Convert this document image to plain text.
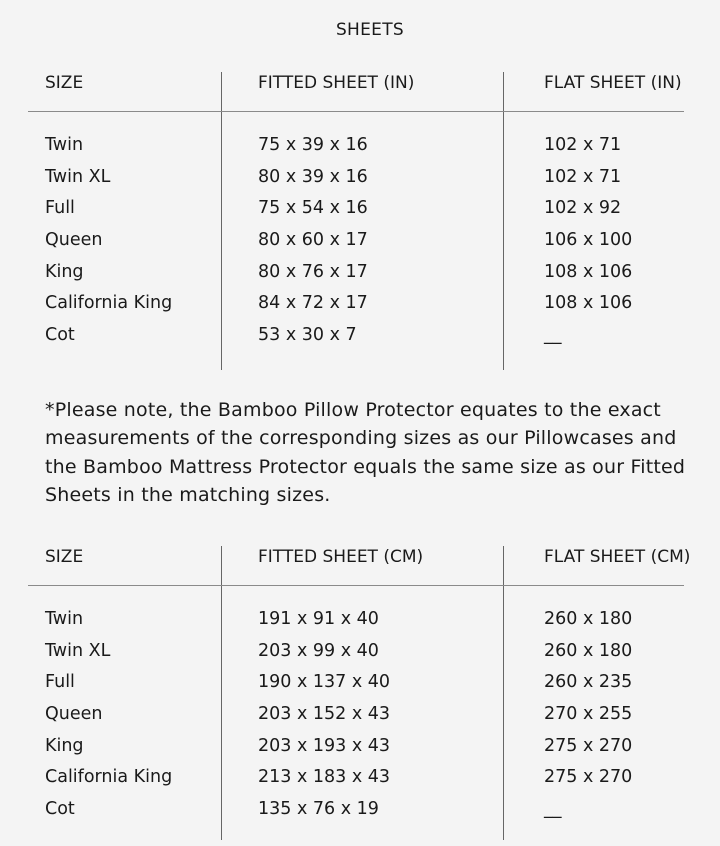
SHEETS
SIZE	FITTED SHEET (IN)	FLAT SHEET (IN)
Twin	75 x 39 x 16	102 x 71
Twin XL	80 x 39 x 16	102 x 71
Full	75 x 54 x 16	102 x 92
Queen	80 x 60 x 17	106 x 100
King	80 x 76 x 17	108 x 106
California King	84 x 72 x 17	108 x 106
Cot	53 x 30 x 7	__

*Please note, the Bamboo Pillow Protector equates to the exact measurements of the corresponding sizes as our Pillowcases and the Bamboo Mattress Protector equals the same size as our Fitted Sheets in the matching sizes.

SIZE	FITTED SHEET (CM)	FLAT SHEET (CM)
Twin	191 x 91 x 40	260 x 180
Twin XL	203 x 99 x 40	260 x 180
Full	190 x 137 x 40	260 x 235
Queen	203 x 152 x 43	270 x 255
King	203 x 193 x 43	275 x 270
California King	213 x 183 x 43	275 x 270
Cot	135 x 76 x 19	__
